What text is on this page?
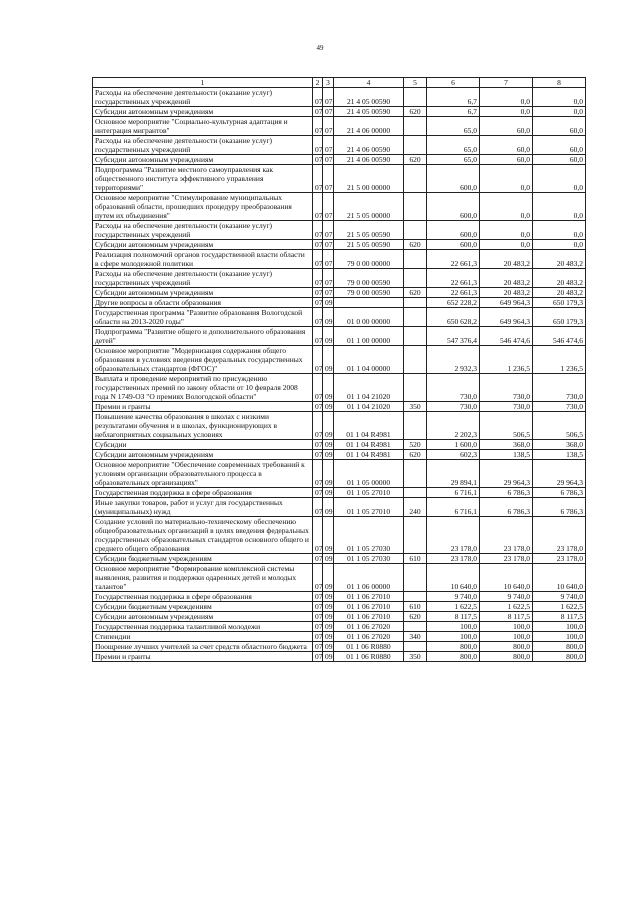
49
1	2	3	4	5	6	7	8
Расходы на обеспечение деятельности (оказание услуг) государственных учреждений	07	07	21 4 05 00590		6,7	0,0	0,0
Субсидии автономным учреждениям	07	07	21 4 05 00590	620	6,7	0,0	0,0
Основное мероприятие "Социально-культурная адаптация и интеграция мигрантов"	07	07	21 4 06 00000		65,0	60,0	60,0
Расходы на обеспечение деятельности (оказание услуг) государственных учреждений	07	07	21 4 06 00590		65,0	60,0	60,0
Субсидии автономным учреждениям	07	07	21 4 06 00590	620	65,0	60,0	60,0
Подпрограмма "Развитие местного самоуправления как общественного института эффективного управления территориями"	07	07	21 5 00 00000		600,0	0,0	0,0
Основное мероприятие "Стимулирование муниципальных образований области, прошедших процедуру преобразования путем их объединения"	07	07	21 5 05 00000		600,0	0,0	0,0
Расходы на обеспечение деятельности (оказание услуг) государственных учреждений	07	07	21 5 05 00590		600,0	0,0	0,0
Субсидии автономным учреждениям	07	07	21 5 05 00590	620	600,0	0,0	0,0
Реализация полномочий органов государственной власти области в сфере молодежной политики	07	07	79 0 00 00000		22 661,3	20 483,2	20 483,2
Расходы на обеспечение деятельности (оказание услуг) государственных учреждений	07	07	79 0 00 00590		22 661,3	20 483,2	20 483,2
Субсидии автономным учреждениям	07	07	79 0 00 00590	620	22 661,3	20 483,2	20 483,2
Другие вопросы в области образования	07	09			652 228,2	649 964,3	650 179,3
Государственная программа "Развитие образования Вологодской области на 2013-2020 годы"	07	09	01 0 00 00000		650 628,2	649 964,3	650 179,3
Подпрограмма "Развитие общего и дополнительного образования детей"	07	09	01 1 00 00000		547 376,4	546 474,6	546 474,6
Основное мероприятие "Модернизация содержания общего образования в условиях введения федеральных государственных образовательных стандартов (ФГОС)"	07	09	01 1 04 00000		2 932,3	1 236,5	1 236,5
Выплата и проведение мероприятий по присуждению государственных премий по закону области от 10 февраля 2008 года N 1749-ОЗ "О премиях Вологодской области"	07	09	01 1 04 21020		730,0	730,0	730,0
Премии и гранты	07	09	01 1 04 21020	350	730,0	730,0	730,0
Повышение качества образования в школах с низкими результатами обучения и в школах, функционирующих в неблагоприятных социальных условиях	07	09	01 1 04 R4981		2 202,3	506,5	506,5
Субсидии	07	09	01 1 04 R4981	520	1 600,0	368,0	368,0
Субсидии автономным учреждениям	07	09	01 1 04 R4981	620	602,3	138,5	138,5
Основное мероприятие "Обеспечение современных требований к условиям организации образовательного процесса в образовательных организациях"	07	09	01 1 05 00000		29 894,1	29 964,3	29 964,3
Государственная поддержка в сфере образования	07	09	01 1 05 27010		6 716,1	6 786,3	6 786,3
Иные закупки товаров, работ и услуг для государственных (муниципальных) нужд	07	09	01 1 05 27010	240	6 716,1	6 786,3	6 786,3
Создание условий по материально-техническому обеспечению общеобразовательных организаций в целях введения федеральных государственных образовательных стандартов основного общего и среднего общего образования	07	09	01 1 05 27030		23 178,0	23 178,0	23 178,0
Субсидии бюджетным учреждениям	07	09	01 1 05 27030	610	23 178,0	23 178,0	23 178,0
Основное мероприятие "Формирование комплексной системы выявления, развития и поддержки одаренных детей и молодых талантов"	07	09	01 1 06 00000		10 640,0	10 640,0	10 640,0
Государственная поддержка в сфере образования	07	09	01 1 06 27010		9 740,0	9 740,0	9 740,0
Субсидии бюджетным учреждениям	07	09	01 1 06 27010	610	1 622,5	1 622,5	1 622,5
Субсидии автономным учреждениям	07	09	01 1 06 27010	620	8 117,5	8 117,5	8 117,5
Государственная поддержка талантливой молодежи	07	09	01 1 06 27020		100,0	100,0	100,0
Стипендии	07	09	01 1 06 27020	340	100,0	100,0	100,0
Поощрение лучших учителей за счет средств областного бюджета	07	09	01 1 06 R0880		800,0	800,0	800,0
Премии и гранты	07	09	01 1 06 R0880	350	800,0	800,0	800,0
